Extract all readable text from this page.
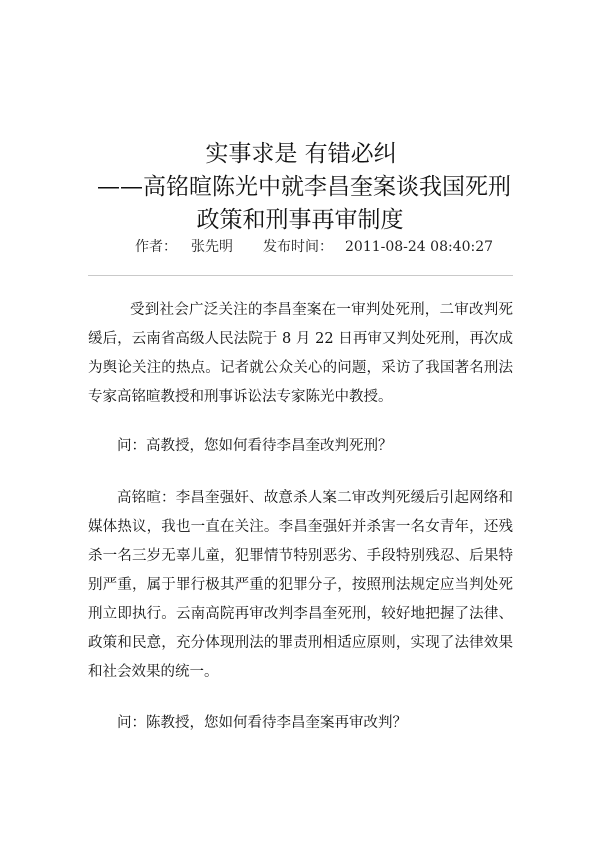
实事求是 有错必纠
——高铭暄陈光中就李昌奎案谈我国死刑
政策和刑事再审制度
作者： 张先明 发布时间： 2011-08-24 08:40:27

受到社会广泛关注的李昌奎案在一审判处死刑，二审改判死缓后，云南省高级人民法院于 8 月 22 日再审又判处死刑，再次成为舆论关注的热点。记者就公众关心的问题，采访了我国著名刑法专家高铭暄教授和刑事诉讼法专家陈光中教授。

问：高教授，您如何看待李昌奎改判死刑？

高铭暄：李昌奎强奸、故意杀人案二审改判死缓后引起网络和媒体热议，我也一直在关注。李昌奎强奸并杀害一名女青年，还残杀一名三岁无辜儿童，犯罪情节特别恶劣、手段特别残忍、后果特别严重，属于罪行极其严重的犯罪分子，按照刑法规定应当判处死刑立即执行。云南高院再审改判李昌奎死刑，较好地把握了法律、政策和民意，充分体现刑法的罪责刑相适应原则，实现了法律效果和社会效果的统一。

问：陈教授，您如何看待李昌奎案再审改判？
